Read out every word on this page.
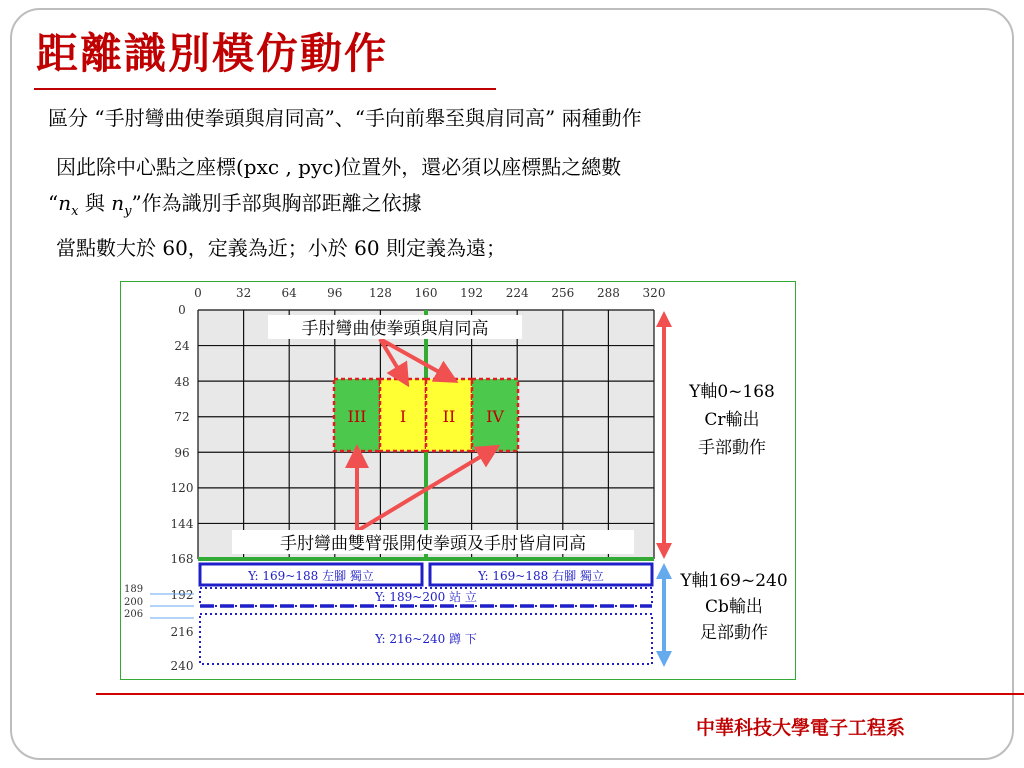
距離識別模仿動作
區分 “手肘彎曲使拳頭與肩同高”、“手向前舉至與肩同高” 兩種動作
因此除中心點之座標(pxc , pyc)位置外，還必須以座標點之總數
“$n_x$ 與 $n_y$”作為識別手部與胸部距離之依據
當點數大於 60，定義為近；小於 60 則定義為遠；
0	32	64	96 128 160 192 224 256 288 320
0
24
48
72
96
120
144
168
192
216
240
189
200
206
III I II IV
手肘彎曲使拳頭與肩同高
手肘彎曲雙臂張開使拳頭及手肘皆肩同高
Y: 169~188 左腳 獨立	Y: 169~188 右腳 獨立
Y: 189~200 站 立
Y: 216~240 蹲 下
Y軸0~168
Cr輸出
手部動作
Y軸169~240
Cb輸出
足部動作
中華科技大學電子工程系
